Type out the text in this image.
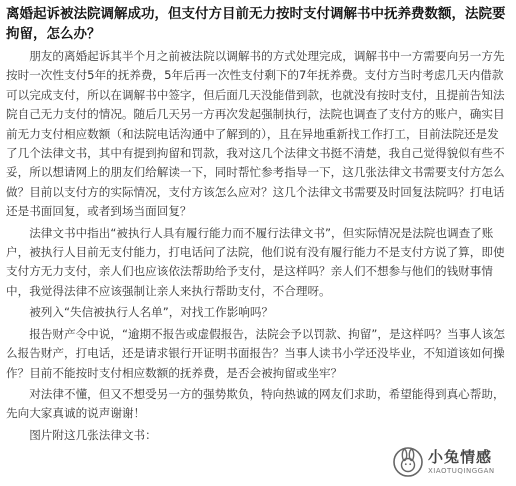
离婚起诉被法院调解成功，但支付方目前无力按时支付调解书中抚养费数额，法院要拘留，怎么办？
朋友的离婚起诉其半个月之前被法院以调解书的方式处理完成，调解书中一方需要向另一方先按时一次性支付5年的抚养费，5年后再一次性支付剩下的7年抚养费。支付方当时考虑几天内借款可以完成支付，所以在调解书中签字，但后面几天没能借到款，也就没有按时支付，且提前告知法院自己无力支付的情况。随后几天另一方再次发起强制执行，法院也调查了支付方的账户，确实目前无力支付相应数额（和法院电话沟通中了解到的），且在异地重新找工作打工，目前法院还是发了几个法律文书，其中有提到拘留和罚款，我对这几个法律文书挺不清楚，我自己觉得貌似有些不妥，所以想请网上的朋友们给解读一下，同时帮忙参考指导一下，这几张法律文书需要支付方怎么做？目前以支付方的实际情况，支付方该怎么应对？这几个法律文书需要及时回复法院吗？打电话还是书面回复，或者到场当面回复？
法律文书中指出“被执行人具有履行能力而不履行法律文书”，但实际情况是法院也调查了账户，被执行人目前无支付能力，打电话问了法院，他们说有没有履行能力不是支付方说了算，即使支付方无力支付，亲人们也应该依法帮助给予支付，是这样吗？亲人们不想参与他们的钱财事情中，我觉得法律不应该强制让亲人来执行帮助支付，不合理呀。
被列入“失信被执行人名单”，对找工作影响吗？
报告财产令中说，“逾期不报告或虚假报告，法院会予以罚款、拘留”，是这样吗？当事人该怎么报告财产，打电话，还是请求银行开证明书面报告？当事人读书小学还没毕业，不知道该如何操作？目前不能按时支付相应数额的抚养费，是否会被拘留或坐牢？
对法律不懂，但又不想受另一方的强势欺负，特向热诚的网友们求助，希望能得到真心帮助，先向大家真诚的说声谢谢！
图片附这几张法律文书：
小兔情感
XIAOTUQINGGAN
